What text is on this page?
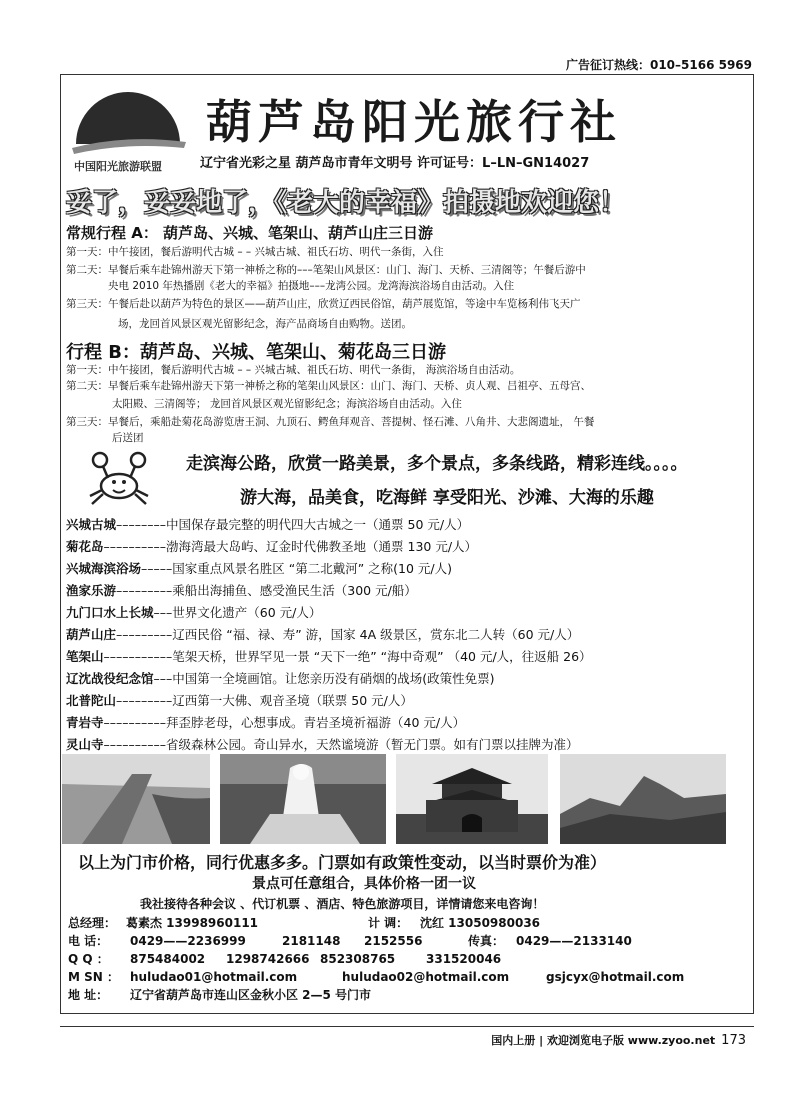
广告征订热线：010–5166 5969
中国阳光旅游联盟
葫芦岛阳光旅行社
辽宁省光彩之星 葫芦岛市青年文明号 许可证号：L–LN–GN14027
妥了，妥妥地了，《老大的幸福》拍摄地欢迎您！
常规行程 A： 葫芦岛、兴城、笔架山、葫芦山庄三日游
第一天：中午接团，餐后游明代古城 – – 兴城古城、祖氏石坊、明代一条街，入住
第二天：早餐后乘车赴锦州游天下第一神桥之称的–––笔架山风景区：山门、海门、天桥、三清阁等；午餐后游中
央电 2010 年热播剧《老大的幸福》拍摄地–––龙湾公园。龙湾海滨浴场自由活动。入住
第三天：午餐后赴以葫芦为特色的景区——葫芦山庄，欣赏辽西民俗馆，葫芦展览馆，等途中车览杨利伟飞天广
场，龙回首风景区观光留影纪念，海产品商场自由购物。送团。
行程 B：葫芦岛、兴城、笔架山、菊花岛三日游
第一天：中午接团，餐后游明代古城 – – 兴城古城、祖氏石坊、明代一条街， 海滨浴场自由活动。
第二天：早餐后乘车赴锦州游天下第一神桥之称的笔架山风景区：山门、海门、天桥、贞人观、吕祖亭、五母宫、
太阳殿、三清阁等； 龙回首风景区观光留影纪念；海滨浴场自由活动。入住
第三天：早餐后，乘船赴菊花岛游览唐王洞、九顶石、鳄鱼拜观音、菩提树、怪石滩、八角井、大悲阁遗址， 午餐
后送团
走滨海公路，欣赏一路美景，多个景点，多条线路，精彩连线。。。。
游大海，品美食，吃海鲜 享受阳光、沙滩、大海的乐趣
兴城古城––––––––中国保存最完整的明代四大古城之一（通票 50 元/人）
菊花岛––––––––––渤海湾最大岛屿、辽金时代佛教圣地（通票 130 元/人）
兴城海滨浴场–––––国家重点风景名胜区 “第二北戴河” 之称(10 元/人)
渔家乐游–––––––––乘船出海捕鱼、感受渔民生活（300 元/船）
九门口水上长城–––世界文化遗产（60 元/人）
葫芦山庄–––––––––辽西民俗 “福、禄、寿” 游，国家 4A 级景区，赏东北二人转（60 元/人）
笔架山–––––––––––笔架天桥，世界罕见一景 “天下一绝” “海中奇观” （40 元/人，往返船 26）
辽沈战役纪念馆–––中国第一全境画馆。让您亲历没有硝烟的战场(政策性免票)
北普陀山–––––––––辽西第一大佛、观音圣境（联票 50 元/人）
青岩寺––––––––––拜歪脖老母，心想事成。青岩圣境祈福游（40 元/人）
灵山寺––––––––––省级森林公园。奇山异水，天然谧境游（暂无门票。如有门票以挂牌为准）
以上为门市价格，同行优惠多多。门票如有政策性变动，以当时票价为准）
景点可任意组合，具体价格一团一议
我社接待各种会议 、代订机票 、酒店、特色旅游项目，详情请您来电咨询！
总经理： 葛素杰 13998960111	计 调： 沈红 13050980036
电 话： 0429——2236999	2181148 2152556	传真： 0429——2133140
Q Q ： 875484002 1298742666 852308765	331520046
M SN ： huludao01@hotmail.com	huludao02@hotmail.com	gsjcyx@hotmail.com
地 址： 辽宁省葫芦岛市连山区金秋小区 2—5 号门市
国内上册 | 欢迎浏览电子版 www.zyoo.net 173
